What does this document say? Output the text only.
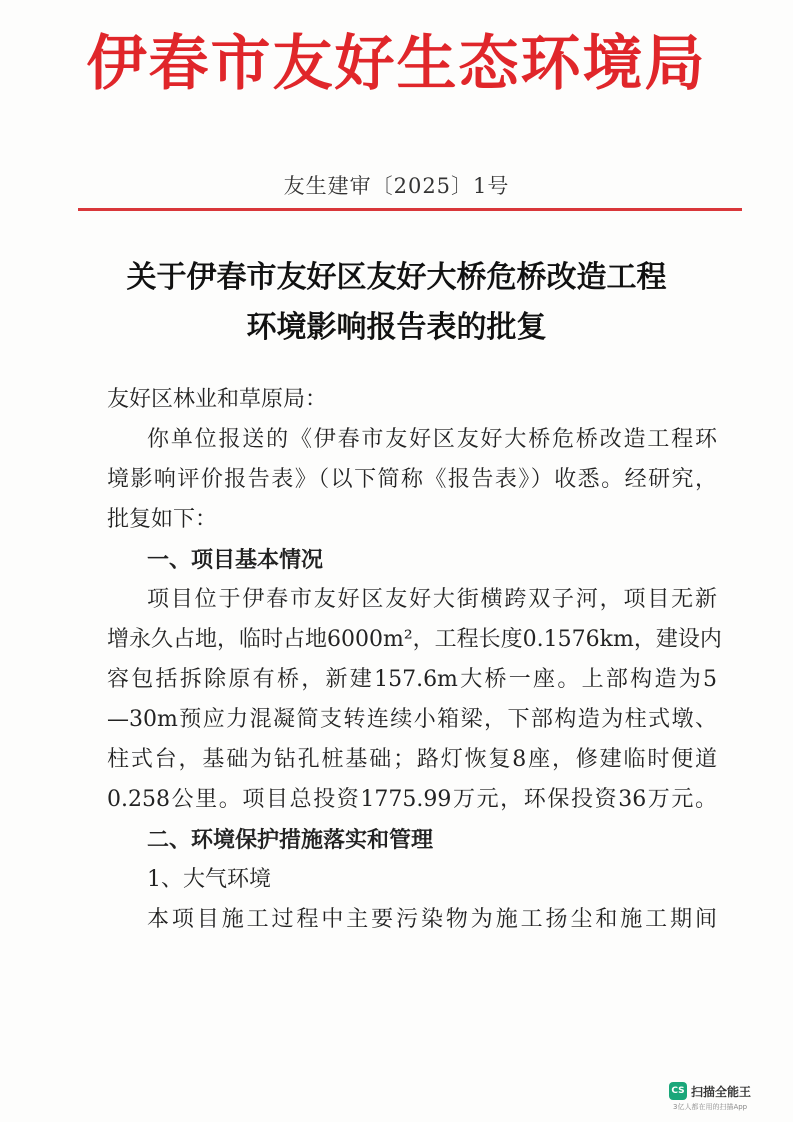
伊春市友好生态环境局
友生建审〔2025〕1号
关于伊春市友好区友好大桥危桥改造工程
环境影响报告表的批复
友好区林业和草原局：
你单位报送的《伊春市友好区友好大桥危桥改造工程环
境影响评价报告表》（以下简称《报告表》）收悉。经研究，
批复如下：
一、项目基本情况
项目位于伊春市友好区友好大街横跨双子河，项目无新
增永久占地，临时占地6000m²，工程长度0.1576km，建设内
容包括拆除原有桥，新建157.6m大桥一座。上部构造为5
—30m预应力混凝简支转连续小箱梁，下部构造为柱式墩、
柱式台，基础为钻孔桩基础；路灯恢复8座，修建临时便道
0.258公里。项目总投资1775.99万元，环保投资36万元。
二、环境保护措施落实和管理
1、大气环境
本项目施工过程中主要污染物为施工扬尘和施工期间
CS 扫描全能王
3亿人都在用的扫描App
